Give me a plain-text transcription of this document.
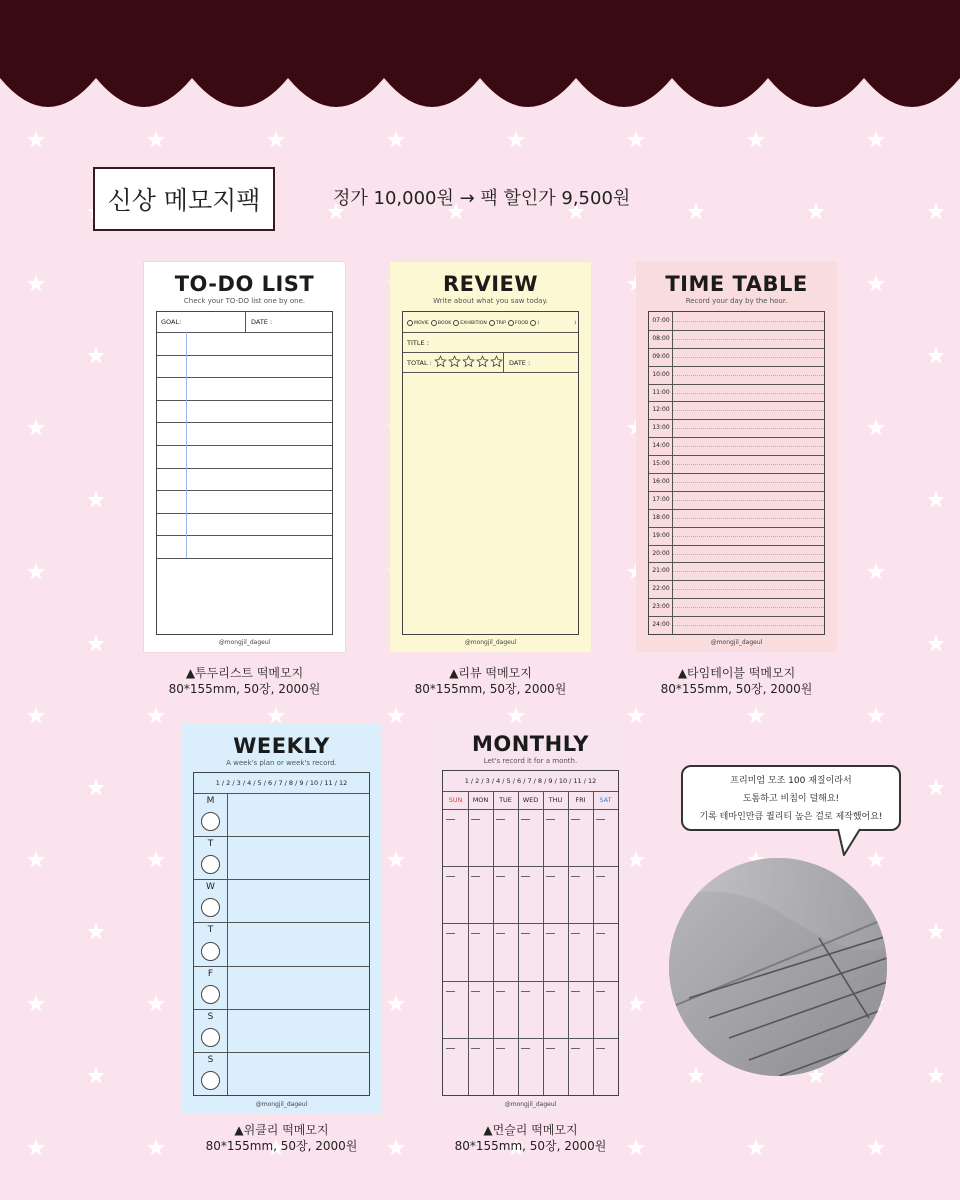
신상 메모지팩	정가 10,000원 → 팩 할인가 9,500원
TO-DO LIST
Check your TO-DO list one by one.
GOAL:	DATE :
@mongjil_dageul
▲투두리스트 떡메모지
80*155mm, 50장, 2000원
REVIEW
Write about what you saw today.
MOVIE BOOK EXHIBITION TRIP FOOD (	)
TITLE :
TOTAL :	DATE :
@mongjil_dageul
▲리뷰 떡메모지
80*155mm, 50장, 2000원
TIME TABLE
Record your day by the hour.
07:00
08:00
09:00
10:00
11:00
12:00
13:00
14:00
15:00
16:00
17:00
18:00
19:00
20:00
21:00
22:00
23:00
24:00
@mongjil_dageul
▲타임테이블 떡메모지
80*155mm, 50장, 2000원
WEEKLY
A week's plan or week's record.
1 / 2 / 3 / 4 / 5 / 6 / 7 / 8 / 9 / 10 / 11 / 12
M
T
W
T
F
S
S
@mongjil_dageul
▲위클리 떡메모지
80*155mm, 50장, 2000원
MONTHLY
Let's record it for a month.
1 / 2 / 3 / 4 / 5 / 6 / 7 / 8 / 9 / 10 / 11 / 12
SUN	MON	TUE	WED	THU	FRI	SAT
@mongjil_dageul
▲먼슬리 떡메모지
80*155mm, 50장, 2000원
프리미엄 모조 100 재질이라서
도톰하고 비침이 덜해요!
기록 테마인만큼 퀄리티 높은 걸로 제작했어요!
